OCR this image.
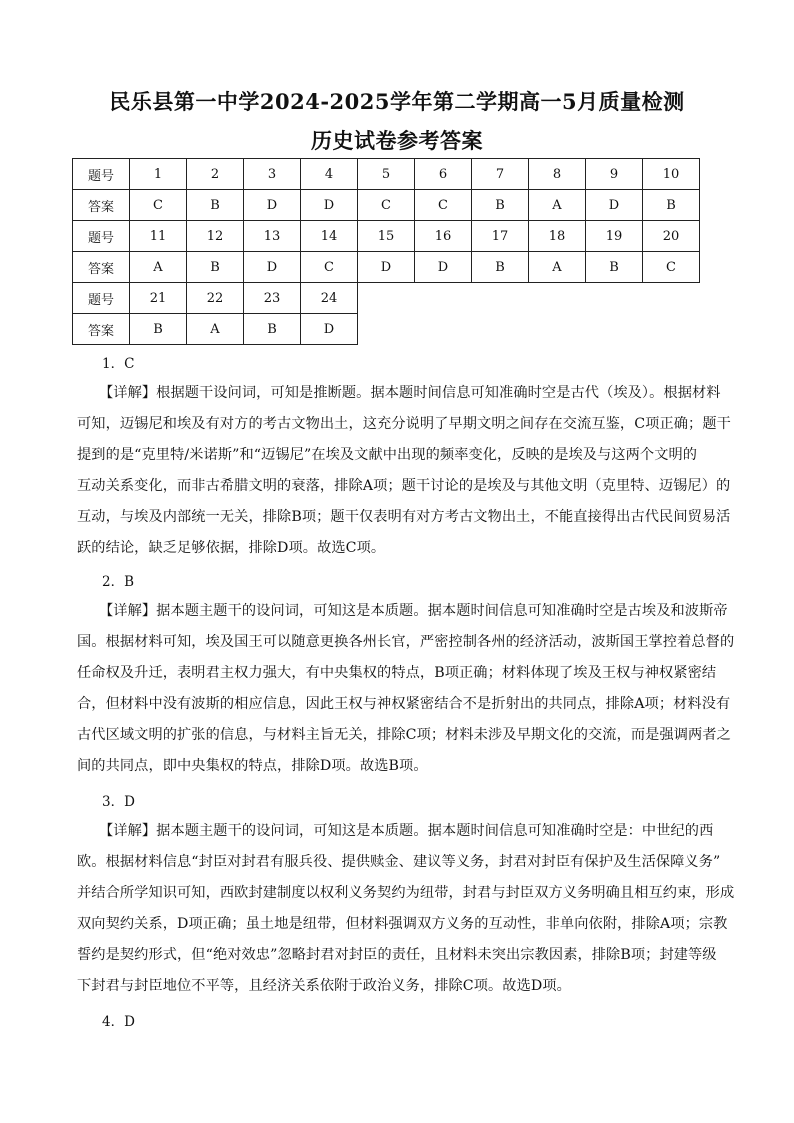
民乐县第一中学2024-2025学年第二学期高一5月质量检测
历史试卷参考答案
题号	1	2	3	4	5	6	7	8	9	10
答案	C	B	D	D	C	C	B	A	D	B
题号	11	12	13	14	15	16	17	18	19	20
答案	A	B	D	C	D	D	B	A	B	C
题号	21	22	23	24						
答案	B	A	B	D						
1．C
【详解】根据题干设问词，可知是推断题。据本题时间信息可知准确时空是古代（埃及）。根据材料
可知，迈锡尼和埃及有对方的考古文物出土，这充分说明了早期文明之间存在交流互鉴，C项正确；题干
提到的是“克里特/米诺斯”和“迈锡尼”在埃及文献中出现的频率变化，反映的是埃及与这两个文明的
互动关系变化，而非古希腊文明的衰落，排除A项；题干讨论的是埃及与其他文明（克里特、迈锡尼）的
互动，与埃及内部统一无关，排除B项；题干仅表明有对方考古文物出土，不能直接得出古代民间贸易活
跃的结论，缺乏足够依据，排除D项。故选C项。
2．B
【详解】据本题主题干的设问词，可知这是本质题。据本题时间信息可知准确时空是古埃及和波斯帝
国。根据材料可知，埃及国王可以随意更换各州长官，严密控制各州的经济活动，波斯国王掌控着总督的
任命权及升迁，表明君主权力强大，有中央集权的特点，B项正确；材料体现了埃及王权与神权紧密结
合，但材料中没有波斯的相应信息，因此王权与神权紧密结合不是折射出的共同点，排除A项；材料没有
古代区域文明的扩张的信息，与材料主旨无关，排除C项；材料未涉及早期文化的交流，而是强调两者之
间的共同点，即中央集权的特点，排除D项。故选B项。
3．D
【详解】据本题主题干的设问词，可知这是本质题。据本题时间信息可知准确时空是：中世纪的西
欧。根据材料信息“封臣对封君有服兵役、提供赎金、建议等义务，封君对封臣有保护及生活保障义务”
并结合所学知识可知，西欧封建制度以权利义务契约为纽带，封君与封臣双方义务明确且相互约束，形成
双向契约关系，D项正确；虽土地是纽带，但材料强调双方义务的互动性，非单向依附，排除A项；宗教
誓约是契约形式，但“绝对效忠”忽略封君对封臣的责任，且材料未突出宗教因素，排除B项；封建等级
下封君与封臣地位不平等，且经济关系依附于政治义务，排除C项。故选D项。
4．D
